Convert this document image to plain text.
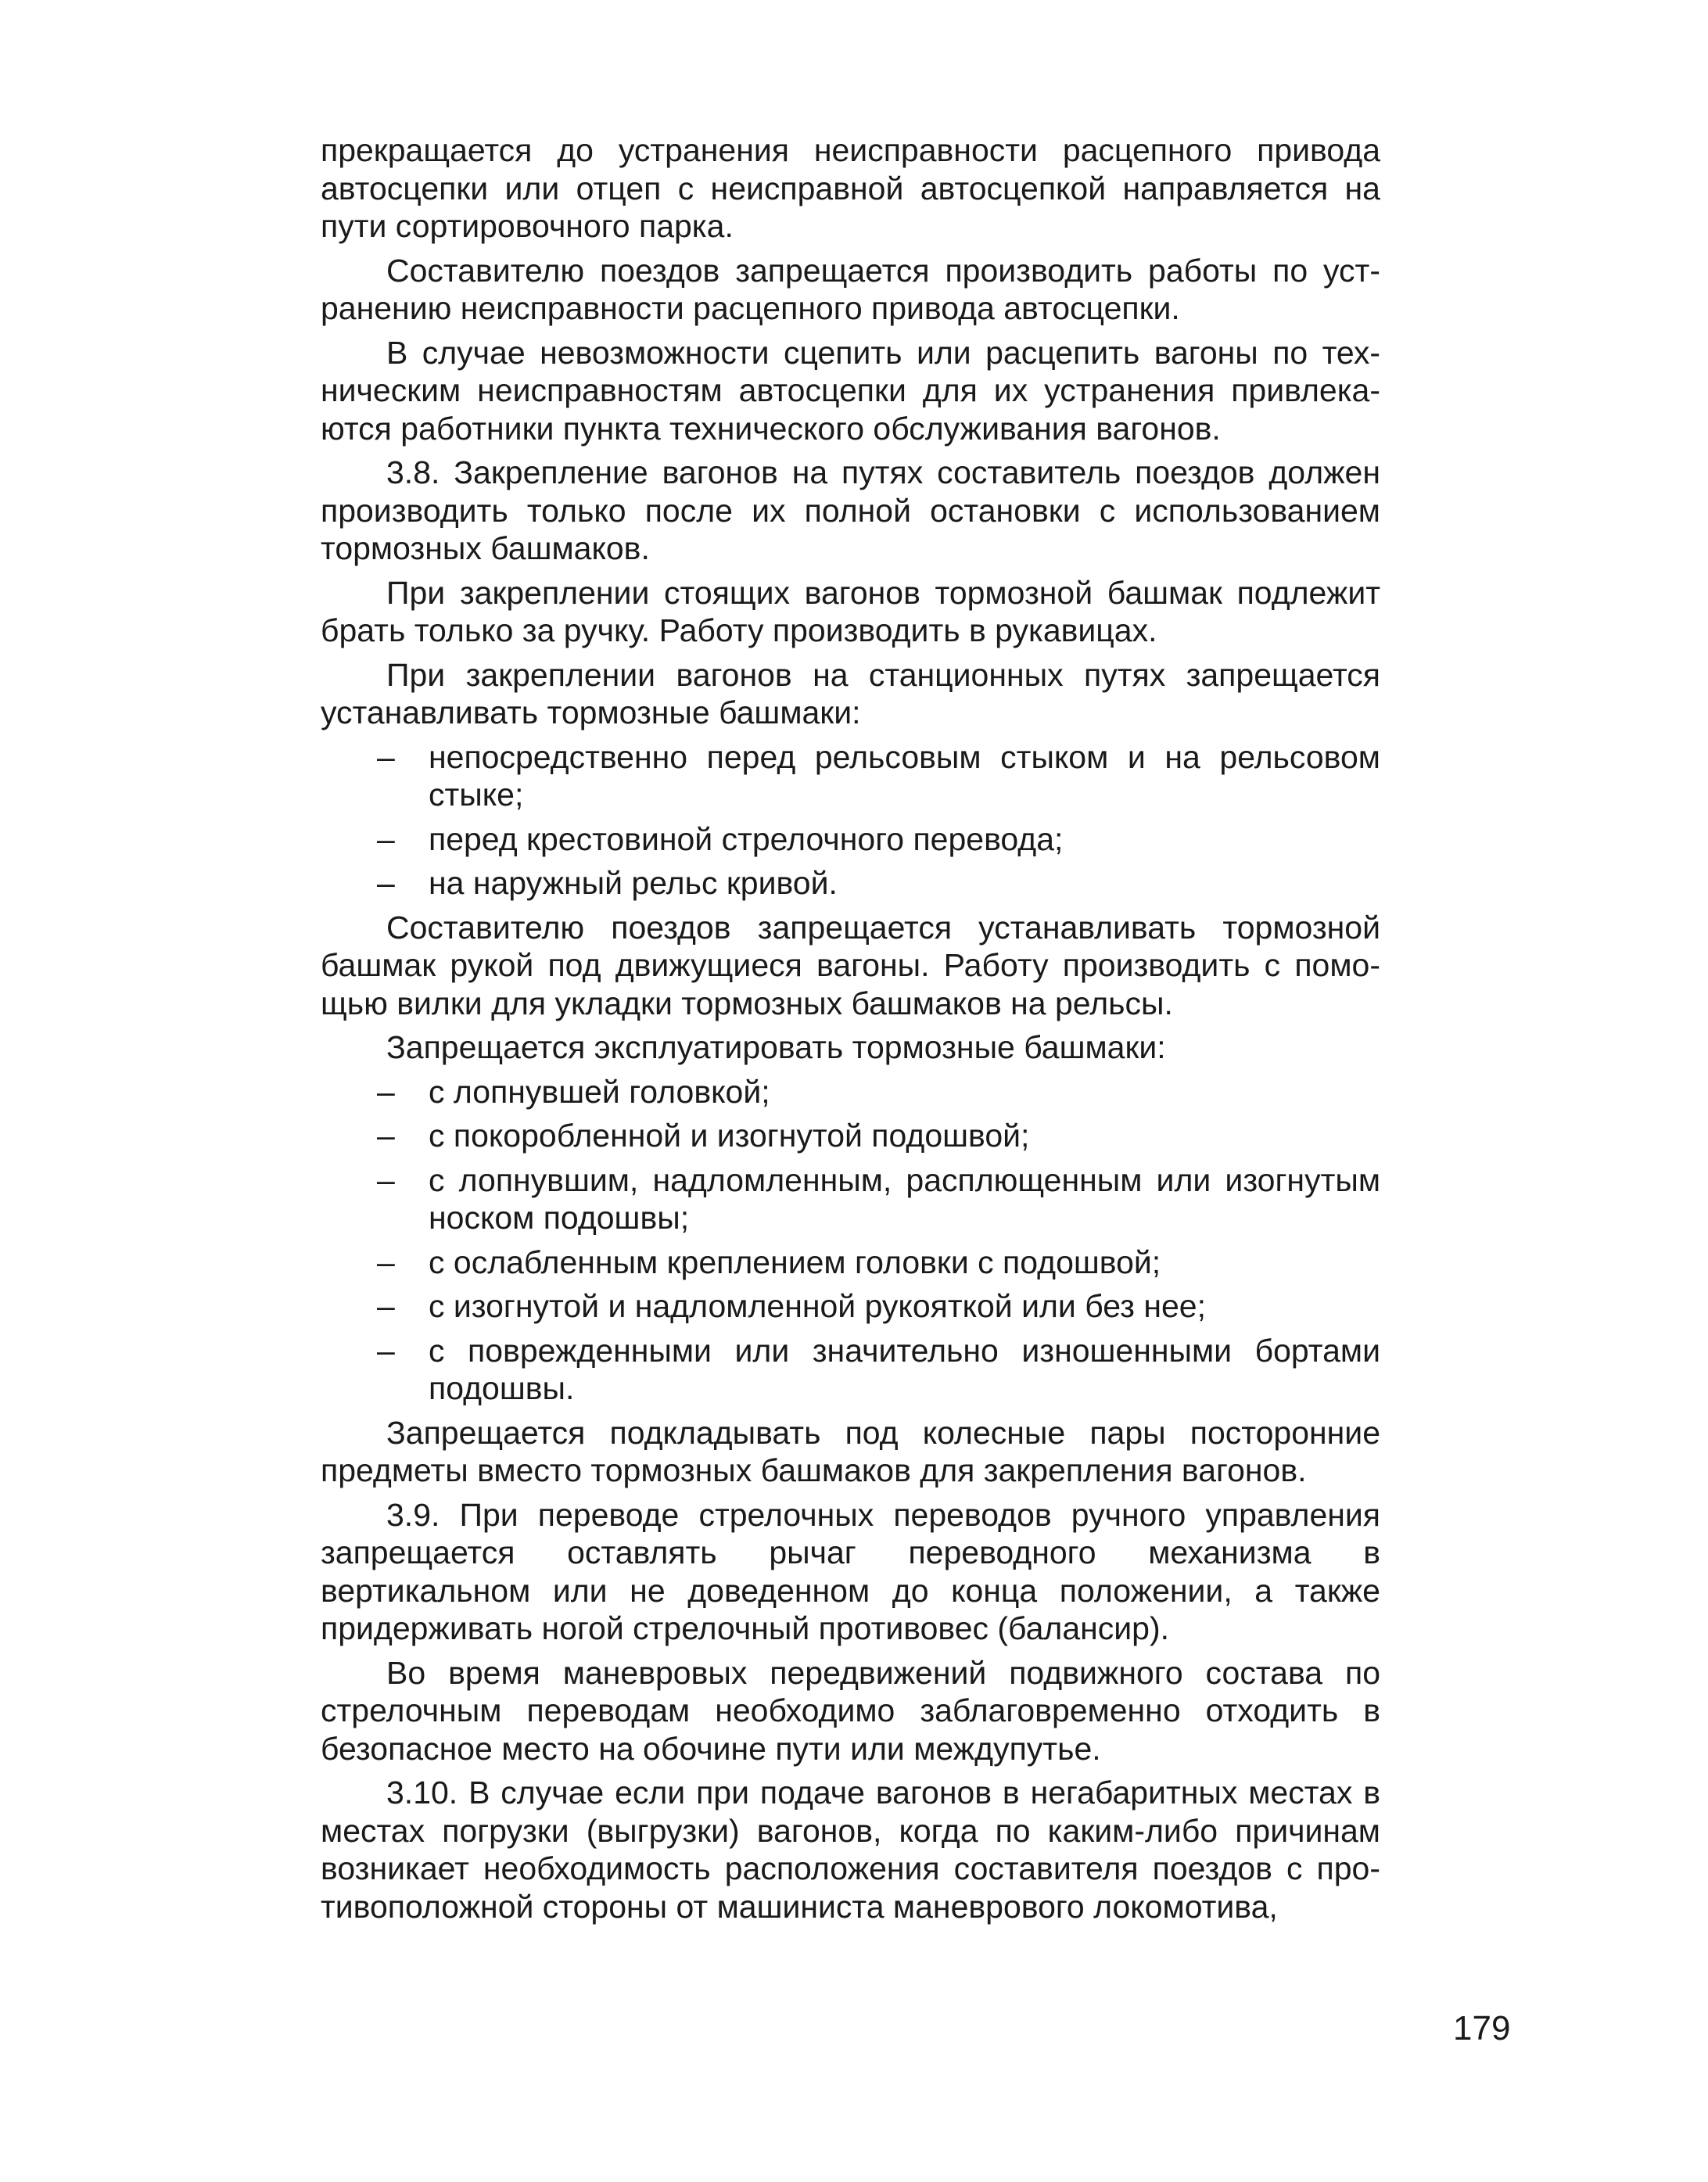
прекращается до устранения неисправности расцепного привода автосцепки или отцеп с неисправной автосцепкой направляется на пути сортировочного парка.

Составителю поездов запрещается производить работы по устранению неисправности расцепного привода автосцепки.

В случае невозможности сцепить или расцепить вагоны по техническим неисправностям автосцепки для их устранения привлекаются работники пункта технического обслуживания вагонов.

3.8. Закрепление вагонов на путях составитель поездов должен производить только после их полной остановки с использованием тормозных башмаков.

При закреплении стоящих вагонов тормозной башмак подлежит брать только за ручку. Работу производить в рукавицах.

При закреплении вагонов на станционных путях запрещается устанавливать тормозные башмаки:

– непосредственно перед рельсовым стыком и на рельсовом стыке;
– перед крестовиной стрелочного перевода;
– на наружный рельс кривой.

Составителю поездов запрещается устанавливать тормозной башмак рукой под движущиеся вагоны. Работу производить с помощью вилки для укладки тормозных башмаков на рельсы.

Запрещается эксплуатировать тормозные башмаки:

– с лопнувшей головкой;
– с покоробленной и изогнутой подошвой;
– с лопнувшим, надломленным, расплющенным или изогнутым носком подошвы;
– с ослабленным креплением головки с подошвой;
– с изогнутой и надломленной рукояткой или без нее;
– с поврежденными или значительно изношенными бортами подошвы.

Запрещается подкладывать под колесные пары посторонние предметы вместо тормозных башмаков для закрепления вагонов.

3.9. При переводе стрелочных переводов ручного управления запрещается оставлять рычаг переводного механизма в вертикальном или не доведенном до конца положении, а также придерживать ногой стрелочный противовес (балансир).

Во время маневровых передвижений подвижного состава по стрелочным переводам необходимо заблаговременно отходить в безопасное место на обочине пути или междупутье.

3.10. В случае если при подаче вагонов в негабаритных местах в местах погрузки (выгрузки) вагонов, когда по каким-либо причинам возникает необходимость расположения составителя поездов с противоположной стороны от машиниста маневрового локомотива,

179
